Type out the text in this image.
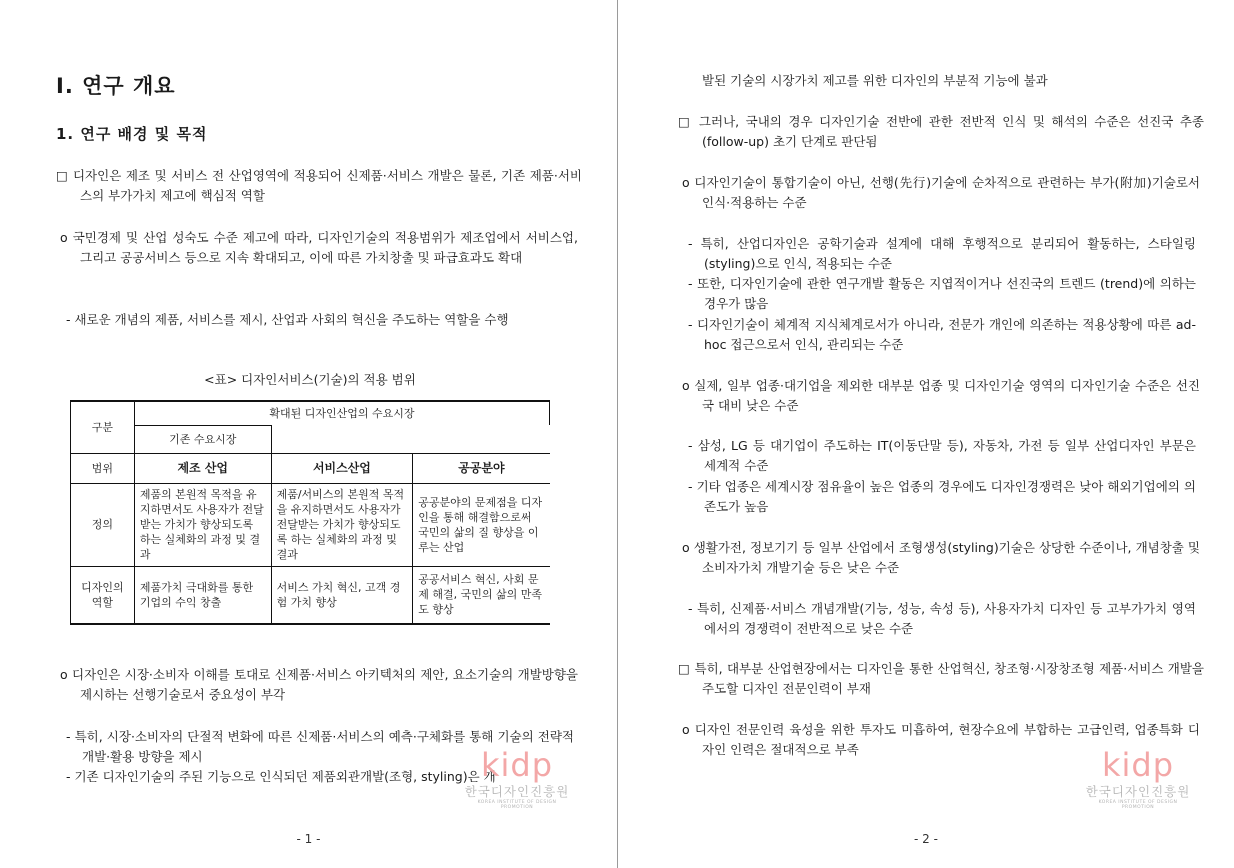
I. 연구 개요
1. 연구 배경 및 목적
□ 디자인은 제조 및 서비스 전 산업영역에 적용되어 신제품·서비스 개발은 물론, 기존 제품·서비스의 부가가치 제고에 핵심적 역할
o 국민경제 및 산업 성숙도 수준 제고에 따라, 디자인기술의 적용범위가 제조업에서 서비스업, 그리고 공공서비스 등으로 지속 확대되고, 이에 따른 가치창출 및 파급효과도 확대
- 새로운 개념의 제품, 서비스를 제시, 산업과 사회의 혁신을 주도하는 역할을 수행
<표> 디자인서비스(기술)의 적용 범위
구분	확대된 디자인산업의 수요시장		
	기존 수요시장		
범위	제조 산업	서비스산업	공공분야
정의	제품의 본원적 목적을 유지하면서도 사용자가 전달받는 가치가 향상되도록 하는 실체화의 과정 및 결과	제품/서비스의 본원적 목적을 유지하면서도 사용자가 전달받는 가치가 향상되도록 하는 실체화의 과정 및 결과	공공분야의 문제점을 디자인을 통해 해결함으로써 국민의 삶의 질 향상을 이루는 산업
디자인의 역할	제품가치 극대화를 통한 기업의 수익 창출	서비스 가치 혁신, 고객 경험 가치 향상	공공서비스 혁신, 사회 문제 해결, 국민의 삶의 만족도 향상
o 디자인은 시장·소비자 이해를 토대로 신제품·서비스 아키텍처의 제안, 요소기술의 개발방향을 제시하는 선행기술로서 중요성이 부각
- 특히, 시장·소비자의 단절적 변화에 따른 신제품·서비스의 예측·구체화를 통해 기술의 전략적 개발·활용 방향을 제시
- 기존 디자인기술의 주된 기능으로 인식되던 제품외관개발(조형, styling)은 개
kidp
한국디자인진흥원
KOREA INSTITUTE OF DESIGN PROMOTION
- 1 -
발된 기술의 시장가치 제고를 위한 디자인의 부분적 기능에 불과
□ 그러나, 국내의 경우 디자인기술 전반에 관한 전반적 인식 및 해석의 수준은 선진국 추종 (follow-up) 초기 단계로 판단됨
o 디자인기술이 통합기술이 아닌, 선행(先行)기술에 순차적으로 관련하는 부가(附加)기술로서 인식·적용하는 수준
- 특히, 산업디자인은 공학기술과 설계에 대해 후행적으로 분리되어 활동하는, 스타일링(styling)으로 인식, 적용되는 수준
- 또한, 디자인기술에 관한 연구개발 활동은 지엽적이거나 선진국의 트렌드 (trend)에 의하는 경우가 많음
- 디자인기술이 체계적 지식체계로서가 아니라, 전문가 개인에 의존하는 적용상황에 따른 ad-hoc 접근으로서 인식, 관리되는 수준
o 실제, 일부 업종·대기업을 제외한 대부분 업종 및 디자인기술 영역의 디자인기술 수준은 선진국 대비 낮은 수준
- 삼성, LG 등 대기업이 주도하는 IT(이동단말 등), 자동차, 가전 등 일부 산업디자인 부문은 세계적 수준
- 기타 업종은 세계시장 점유율이 높은 업종의 경우에도 디자인경쟁력은 낮아 해외기업에의 의존도가 높음
o 생활가전, 정보기기 등 일부 산업에서 조형생성(styling)기술은 상당한 수준이나, 개념창출 및 소비자가치 개발기술 등은 낮은 수준
- 특히, 신제품·서비스 개념개발(기능, 성능, 속성 등), 사용자가치 디자인 등 고부가가치 영역에서의 경쟁력이 전반적으로 낮은 수준
□ 특히, 대부분 산업현장에서는 디자인을 통한 산업혁신, 창조형·시장창조형 제품·서비스 개발을 주도할 디자인 전문인력이 부재
o 디자인 전문인력 육성을 위한 투자도 미흡하여, 현장수요에 부합하는 고급인력, 업종특화 디자인 인력은 절대적으로 부족	kidp
한국디자인진흥원
KOREA INSTITUTE OF DESIGN PROMOTION
- 2 -
